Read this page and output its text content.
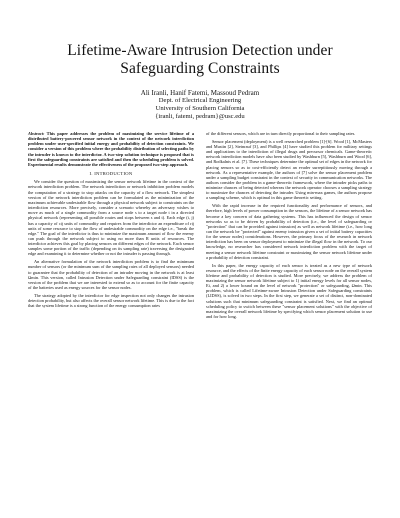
Lifetime-Aware Intrusion Detection under
Safeguarding Constraints
Ali Iranli, Hanif Fatemi, Massoud Pedram
Dept. of Electrical Engineering
University of Southern California
{iranli, fatemi, pedram}@usc.edu

Abstract: This paper addresses the problem of maximizing the service lifetime of a distributed battery-powered sensor network in the context of the network interdiction problem under user-specified initial energy and probability of detection constraints. We consider a version of this problem where the probability distribution of selecting paths by the intruder is known to the interdictor. A two-step solution technique is proposed that is first the safeguarding constraints are satisfied and then the scheduling problem is solved. Experimental results demonstrate the effectiveness of the proposed two-step approach.

I. INTRODUCTION

We consider the question of maximizing the sensor network lifetime in the context of the network interdiction problem. The network interdiction or network inhibition problem models the computation of a strategy to stop attacks on the capacity of a flow network. The simplest version of the network interdiction problem can be formulated as the minimization of the maximum achievable undesirable flow through a physical network subject to constraints on the interdiction resources. More precisely, consider a scenario whereby an adversary wishes to move as much of a single commodity from a source node s to a target node t in a directed physical network (representing all possible routes and stops between s and t). Each edge (i, j) has a capacity of cij units of commodity and requires from the interdictor an expenditure of rij units of some resource to stop the flow of undesirable commodity on the edge i.e., "break the edge." The goal of the interdictor is thus to minimize the maximum amount of flow the enemy can push through the network subject to using no more than R units of resources. The interdictor achieves this goal by placing sensors on different edges of the network. Each sensor samples some portion of the traffic (depending on its sampling rate) traversing the designated edge and examining it to determine whether or not the intruder is passing through.

An alternative formulation of the network interdiction problem is to find the minimum number of sensors (or the minimum sum of the sampling rates of all deployed sensors) needed to guarantee that the probability of detection of an intruder moving in the network is at least Ωmin. This version, called Intrusion Detection under Safeguarding constraint (IDSS) is the version of the problem that we are interested to extend so as to account for the finite capacity of the batteries used as energy sources for the sensor nodes.

The strategy adopted by the interdictor for edge inspection not only changes the intrusion detection probability, but also affects the overall sensor network lifetime. This is due to the fact that the system lifetime is a strong function of the energy consumption rates

of the different sensors, which are in turn directly proportional to their sampling rates.

Sensor placement (deployment) is a well researched problem [1]-[6]. Wood [1], McMasters and Mustin [2], Steinrauf [3], and Phillips [4] have studied this problem for military settings and applications to the interdiction of illegal drugs and precursor chemicals. Game-theoretic network interdiction models have also been studied by Washburn [5], Washburn and Wood [6], and Rodkalnis et al. [7]. These techniques determine the optimal set of edges in the network for placing sensors so as to cost-efficiently detect an evader surreptitiously moving through a network. As a representative example, the authors of [7] solve the sensor placement problem under a sampling budget constraint in the context of security in communication networks. The authors consider the problem in a game-theoretic framework, where the intruder picks paths to minimize chances of being detected whereas the network operator chooses a sampling strategy to maximize the chances of detecting the intruder. Using min-max games, the authors propose a sampling scheme, which is optimal in this game theoretic setting.

With the rapid increase in the required functionality and performance of sensors, and therefore, high levels of power consumption in the sensors, the lifetime of a sensor network has become a key concern of data gathering systems. This has influenced the design of sensor networks so as to be driven by probability of detection (i.e., the level of safeguarding or "protection" that can be provided against intrusion) as well as network lifetime (i.e., how long can the network be "protected" against enemy intrusion given a set of initial battery capacities for the sensor nodes) considerations. However, the primary focus of the research in network interdiction has been on sensor deployment to minimize the illegal flow in the network. To our knowledge, no researcher has considered network interdiction problem with the target of meeting a sensor network lifetime constraint or maximizing the sensor network lifetime under a probability of detection constraint.

In this paper, the energy capacity of each sensor is treated as a new type of network resource, and the effects of the finite energy capacity of each sensor node on the overall system lifetime and probability of detection is studied. More precisely, we address the problem of maximizing the sensor network lifetime subject to 1) initial energy levels for all sensor nodes, Ei, and 2) a lower bound on the level of network "protection" or safeguarding, Ωmin. This problem, which is called Lifetime-aware Intrusion Detection under Safeguarding constraints (LIDSS), is solved in two steps. In the first step, we generate a set of distinct, non-dominated solutions such that minimum safeguarding constraint is satisfied. Next, we find an optimal scheduling policy to switch between these "sensor placement solutions" with the objective of maximizing the overall network lifetime by specifying which sensor placement solution to use and for how long.
